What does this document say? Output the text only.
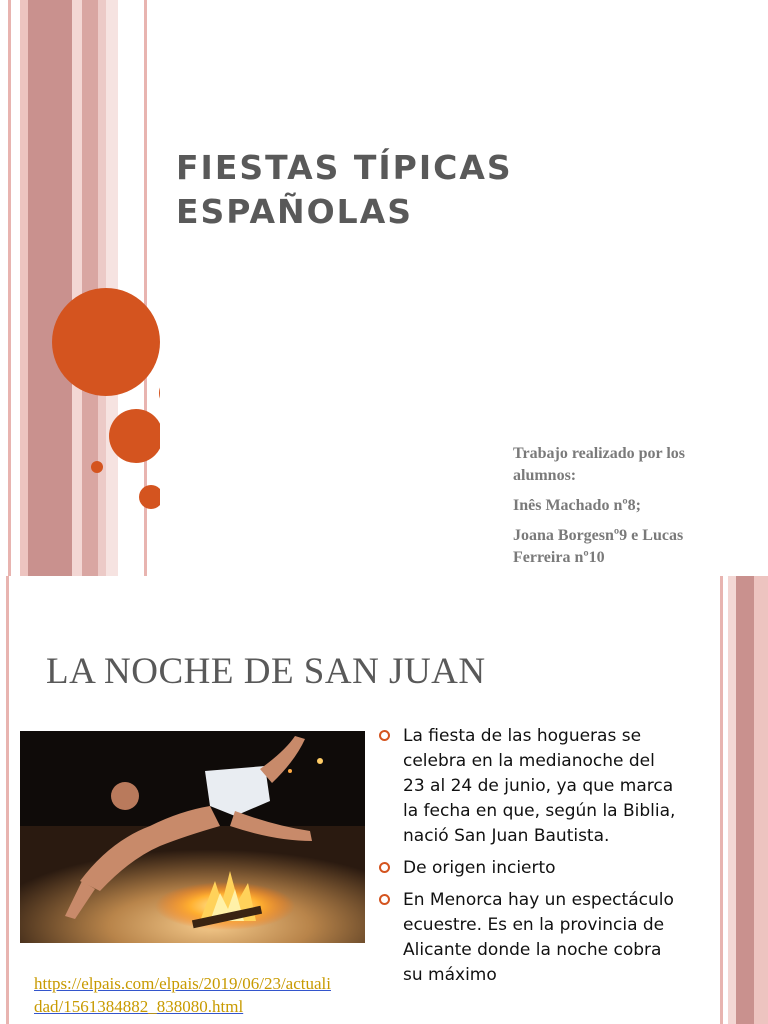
FIESTAS TÍPICAS
ESPAÑOLAS

Trabajo realizado por los alumnos:

Inês Machado nº8;

Joana Borgesnº9 e Lucas Ferreira nº10

LA NOCHE DE SAN JUAN
https://elpais.com/elpais/2019/06/23/actualidad/1561384882_838080.html
La fiesta de las hogueras se celebra en la medianoche del 23 al 24 de junio, ya que marca la fecha en que, según la Biblia, nació San Juan Bautista.
De origen incierto
En Menorca hay un espectáculo ecuestre. Es en la provincia de Alicante donde la noche cobra su máximo
